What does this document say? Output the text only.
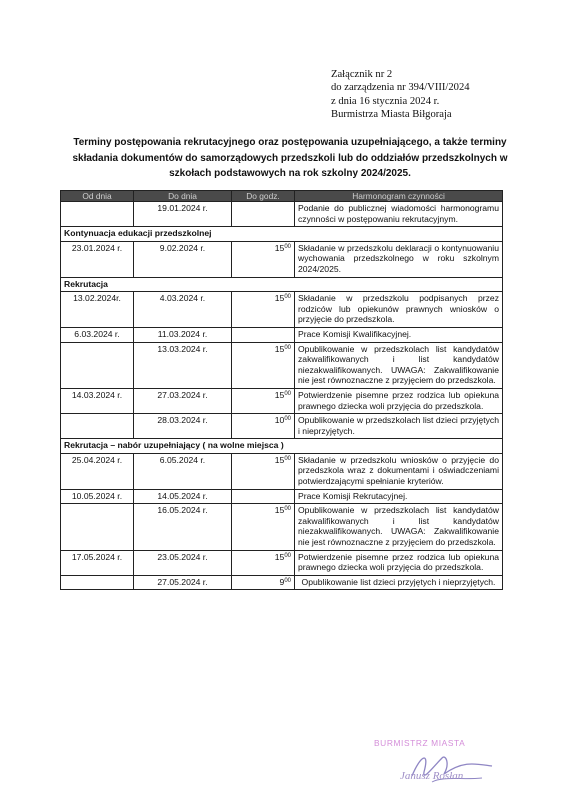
Załącznik nr 2
do zarządzenia nr 394/VIII/2024
z dnia 16 stycznia 2024 r.
Burmistrza Miasta Biłgoraja
Terminy postępowania rekrutacyjnego oraz postępowania uzupełniającego, a także terminy składania dokumentów do samorządowych przedszkoli lub do oddziałów przedszkolnych w szkołach podstawowych na rok szkolny 2024/2025.
Od dnia	Do dnia	Do godz.	Harmonogram czynności
	19.01.2024 r.		Podanie do publicznej wiadomości harmonogramu czynności w postępowaniu rekrutacyjnym.
Kontynuacja edukacji przedszkolnej			
23.01.2024 r.	9.02.2024 r.	$15^{00}$	Składanie w przedszkolu deklaracji o kontynuowaniu wychowania przedszkolnego w roku szkolnym 2024/2025.
Rekrutacja			
13.02.2024r.	4.03.2024 r.	$15^{00}$	Składanie w przedszkolu podpisanych przez rodziców lub opiekunów prawnych wniosków o przyjęcie do przedszkola.
6.03.2024 r.	11.03.2024 r.		Prace Komisji Kwalifikacyjnej.
	13.03.2024 r.	$15^{00}$	Opublikowanie w przedszkolach list kandydatów zakwalifikowanych i list kandydatów niezakwalifikowanych. UWAGA: Zakwalifikowanie nie jest równoznaczne z przyjęciem do przedszkola.
14.03.2024 r.	27.03.2024 r.	$15^{00}$	Potwierdzenie pisemne przez rodzica lub opiekuna prawnego dziecka woli przyjęcia do przedszkola.
	28.03.2024 r.	$10^{00}$	Opublikowanie w przedszkolach list dzieci przyjętych i nieprzyjętych.
Rekrutacja – nabór uzupełniający ( na wolne miejsca )			
25.04.2024 r.	6.05.2024 r.	$15^{00}$	Składanie w przedszkolu wniosków o przyjęcie do przedszkola wraz z dokumentami i oświadczeniami potwierdzającymi spełnianie kryteriów.
10.05.2024 r.	14.05.2024 r.		Prace Komisji Rekrutacyjnej.
	16.05.2024 r.	$15^{00}$	Opublikowanie w przedszkolach list kandydatów zakwalifikowanych i list kandydatów niezakwalifikowanych. UWAGA: Zakwalifikowanie nie jest równoznaczne z przyjęciem do przedszkola.
17.05.2024 r.	23.05.2024 r.	$15^{00}$	Potwierdzenie pisemne przez rodzica lub opiekuna prawnego dziecka woli przyjęcia do przedszkola.
	27.05.2024 r.	$9^{00}$	Opublikowanie list dzieci przyjętych i nieprzyjętych.
BURMISTRZ MIASTA
Janusz Rosłan
